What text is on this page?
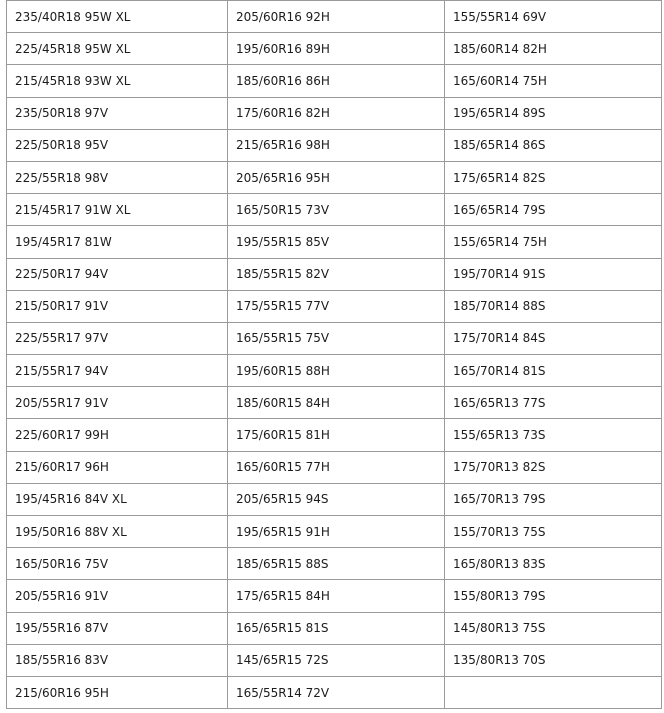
235/40R18 95W XL	205/60R16 92H	155/55R14 69V
225/45R18 95W XL	195/60R16 89H	185/60R14 82H
215/45R18 93W XL	185/60R16 86H	165/60R14 75H
235/50R18 97V	175/60R16 82H	195/65R14 89S
225/50R18 95V	215/65R16 98H	185/65R14 86S
225/55R18 98V	205/65R16 95H	175/65R14 82S
215/45R17 91W XL	165/50R15 73V	165/65R14 79S
195/45R17 81W	195/55R15 85V	155/65R14 75H
225/50R17 94V	185/55R15 82V	195/70R14 91S
215/50R17 91V	175/55R15 77V	185/70R14 88S
225/55R17 97V	165/55R15 75V	175/70R14 84S
215/55R17 94V	195/60R15 88H	165/70R14 81S
205/55R17 91V	185/60R15 84H	165/65R13 77S
225/60R17 99H	175/60R15 81H	155/65R13 73S
215/60R17 96H	165/60R15 77H	175/70R13 82S
195/45R16 84V XL	205/65R15 94S	165/70R13 79S
195/50R16 88V XL	195/65R15 91H	155/70R13 75S
165/50R16 75V	185/65R15 88S	165/80R13 83S
205/55R16 91V	175/65R15 84H	155/80R13 79S
195/55R16 87V	165/65R15 81S	145/80R13 75S
185/55R16 83V	145/65R15 72S	135/80R13 70S
215/60R16 95H	165/55R14 72V	
